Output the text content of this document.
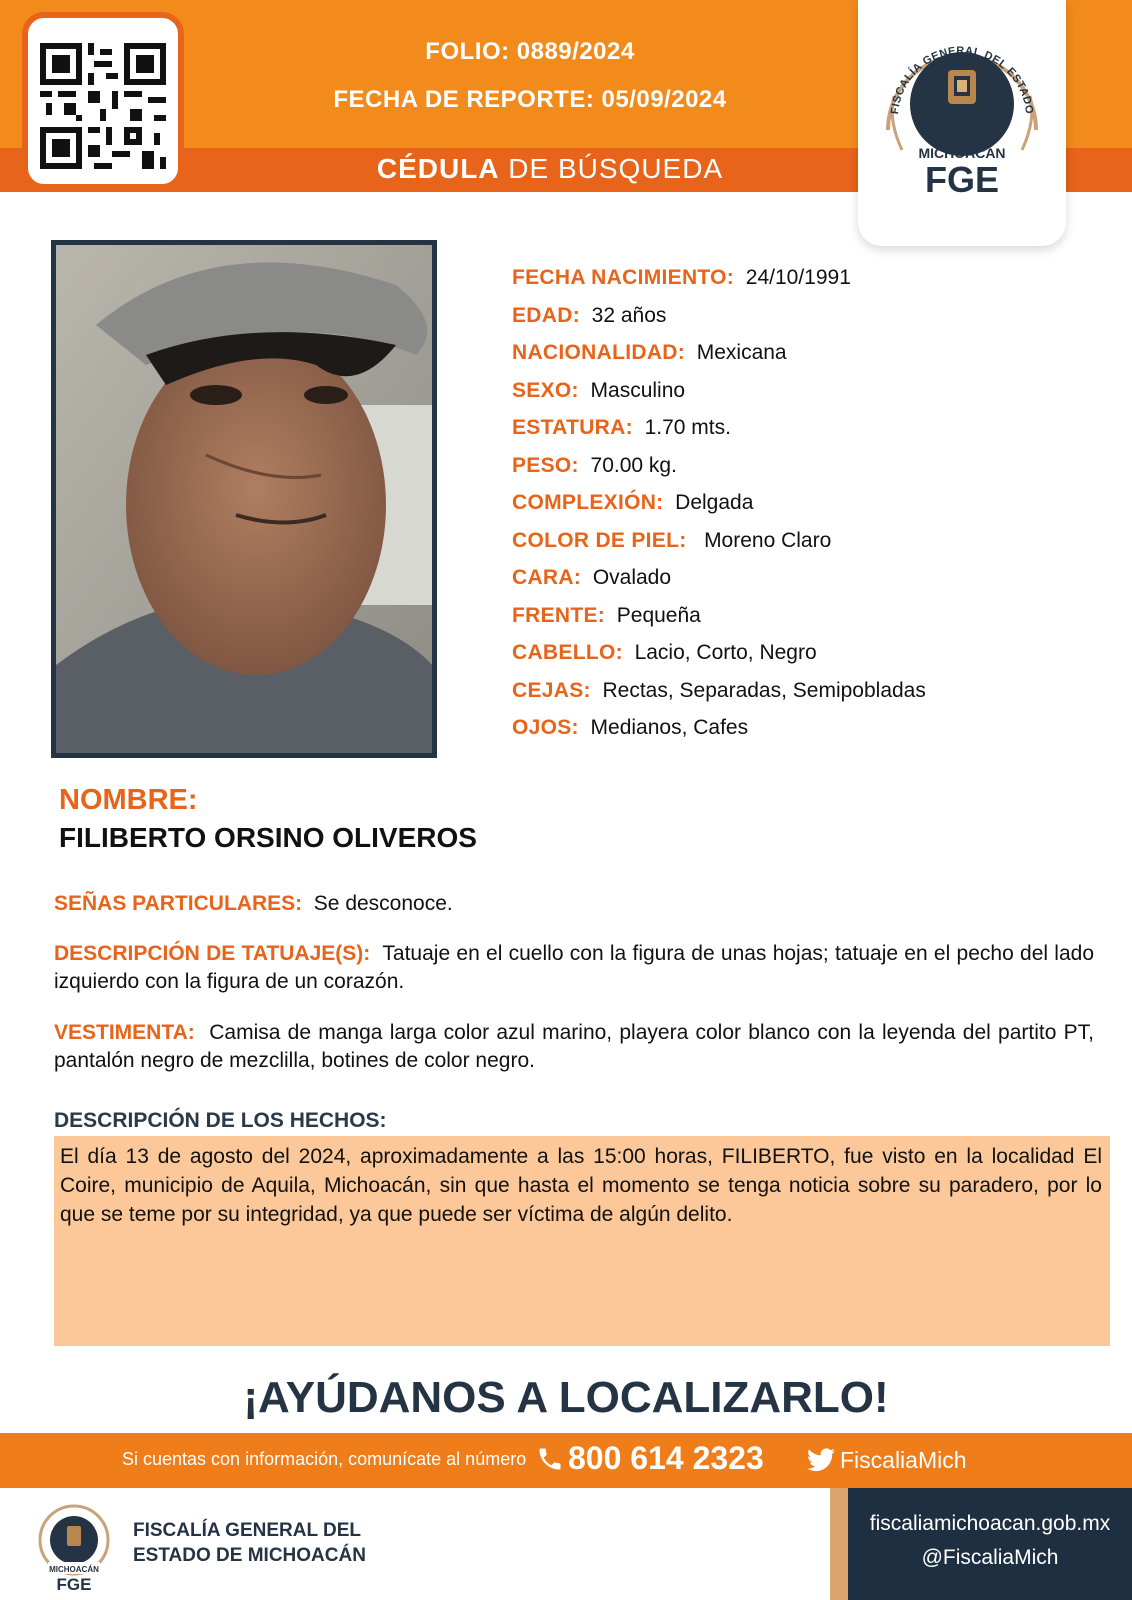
FOLIO: 0889/2024
FECHA DE REPORTE: 05/09/2024
CÉDULA DE BÚSQUEDA
FISCALÍA GENERAL DEL ESTADO
MICHOACÁN
FGE
FECHA NACIMIENTO: 24/10/1991
EDAD: 32 años
NACIONALIDAD: Mexicana
SEXO: Masculino
ESTATURA: 1.70 mts.
PESO: 70.00 kg.
COMPLEXIÓN: Delgada
COLOR DE PIEL: Moreno Claro
CARA: Ovalado
FRENTE: Pequeña
CABELLO: Lacio, Corto, Negro
CEJAS: Rectas, Separadas, Semipobladas
OJOS: Medianos, Cafes
NOMBRE:
FILIBERTO ORSINO OLIVEROS
SEÑAS PARTICULARES: Se desconoce.
DESCRIPCIÓN DE TATUAJE(S): Tatuaje en el cuello con la figura de unas hojas; tatuaje en el pecho del lado izquierdo con la figura de un corazón.
VESTIMENTA: Camisa de manga larga color azul marino, playera color blanco con la leyenda del partito PT, pantalón negro de mezclilla, botines de color negro.
DESCRIPCIÓN DE LOS HECHOS:
El día 13 de agosto del 2024, aproximadamente a las 15:00 horas, FILIBERTO, fue visto en la localidad El Coire, municipio de Aquila, Michoacán, sin que hasta el momento se tenga noticia sobre su paradero, por lo que se teme por su integridad, ya que puede ser víctima de algún delito.
¡AYÚDANOS A LOCALIZARLO!
Si cuentas con información, comunícate al número 800 614 2323	FiscaliaMich
MICHOACÁN
FGE
FISCALÍA GENERAL DEL
ESTADO DE MICHOACÁN
fiscaliamichoacan.gob.mx
@FiscaliaMich
